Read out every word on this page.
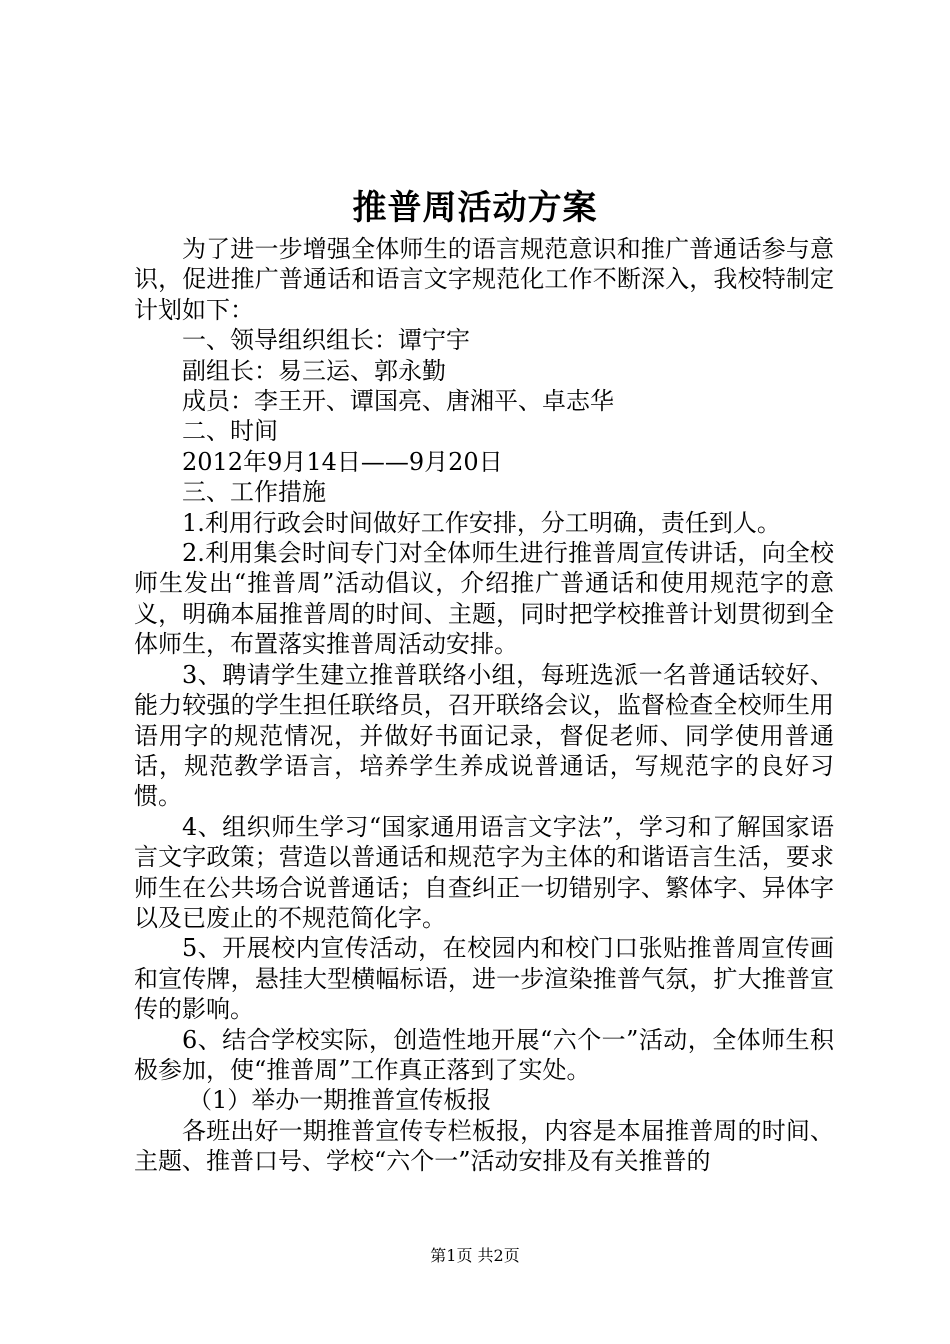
推普周活动方案

为了进一步增强全体师生的语言规范意识和推广普通话参与意识，促进推广普通话和语言文字规范化工作不断深入，我校特制定计划如下：

一、领导组织组长：谭宁宇

副组长：易三运、郭永勤

成员：李王开、谭国亮、唐湘平、卓志华

二、时间

2012年9月14日——9月20日

三、工作措施

1.利用行政会时间做好工作安排，分工明确，责任到人。

2.利用集会时间专门对全体师生进行推普周宣传讲话，向全校师生发出“推普周”活动倡议，介绍推广普通话和使用规范字的意义，明确本届推普周的时间、主题，同时把学校推普计划贯彻到全体师生，布置落实推普周活动安排。

3、聘请学生建立推普联络小组，每班选派一名普通话较好、能力较强的学生担任联络员，召开联络会议，监督检查全校师生用语用字的规范情况，并做好书面记录，督促老师、同学使用普通话，规范教学语言，培养学生养成说普通话，写规范字的良好习惯。

4、组织师生学习“国家通用语言文字法”，学习和了解国家语言文字政策；营造以普通话和规范字为主体的和谐语言生活，要求师生在公共场合说普通话；自查纠正一切错别字、繁体字、异体字以及已废止的不规范简化字。

5、开展校内宣传活动，在校园内和校门口张贴推普周宣传画和宣传牌，悬挂大型横幅标语，进一步渲染推普气氛，扩大推普宣传的影响。

6、结合学校实际，创造性地开展“六个一”活动，全体师生积极参加，使“推普周”工作真正落到了实处。

（1）举办一期推普宣传板报

各班出好一期推普宣传专栏板报，内容是本届推普周的时间、主题、推普口号、学校“六个一”活动安排及有关推普的

第1页 共2页
